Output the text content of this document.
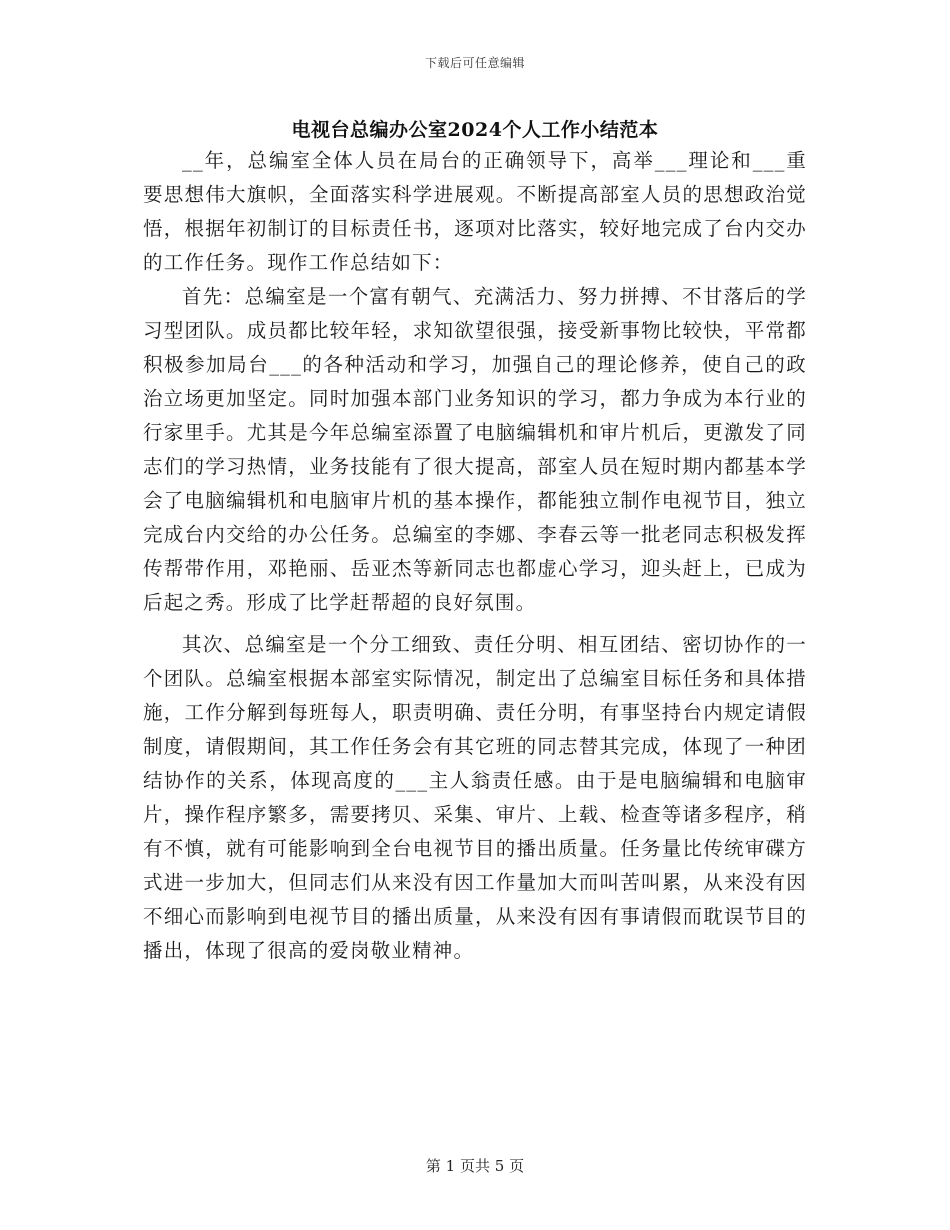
下载后可任意编辑
电视台总编办公室2024个人工作小结范本

__年，总编室全体人员在局台的正确领导下，高举___理论和___重要思想伟大旗帜，全面落实科学进展观。不断提高部室人员的思想政治觉悟，根据年初制订的目标责任书，逐项对比落实，较好地完成了台内交办的工作任务。现作工作总结如下：

首先：总编室是一个富有朝气、充满活力、努力拼搏、不甘落后的学习型团队。成员都比较年轻，求知欲望很强，接受新事物比较快，平常都积极参加局台___的各种活动和学习，加强自己的理论修养，使自己的政治立场更加坚定。同时加强本部门业务知识的学习，都力争成为本行业的行家里手。尤其是今年总编室添置了电脑编辑机和审片机后，更激发了同志们的学习热情，业务技能有了很大提高，部室人员在短时期内都基本学会了电脑编辑机和电脑审片机的基本操作，都能独立制作电视节目，独立完成台内交给的办公任务。总编室的李娜、李春云等一批老同志积极发挥传帮带作用，邓艳丽、岳亚杰等新同志也都虚心学习，迎头赶上，已成为后起之秀。形成了比学赶帮超的良好氛围。

其次、总编室是一个分工细致、责任分明、相互团结、密切协作的一个团队。总编室根据本部室实际情况，制定出了总编室目标任务和具体措施，工作分解到每班每人，职责明确、责任分明，有事坚持台内规定请假制度，请假期间，其工作任务会有其它班的同志替其完成，体现了一种团结协作的关系，体现高度的___主人翁责任感。由于是电脑编辑和电脑审片，操作程序繁多，需要拷贝、采集、审片、上载、检查等诸多程序，稍有不慎，就有可能影响到全台电视节目的播出质量。任务量比传统审碟方式进一步加大，但同志们从来没有因工作量加大而叫苦叫累，从来没有因不细心而影响到电视节目的播出质量，从来没有因有事请假而耽误节目的播出，体现了很高的爱岗敬业精神。

第 1 页共 5 页
